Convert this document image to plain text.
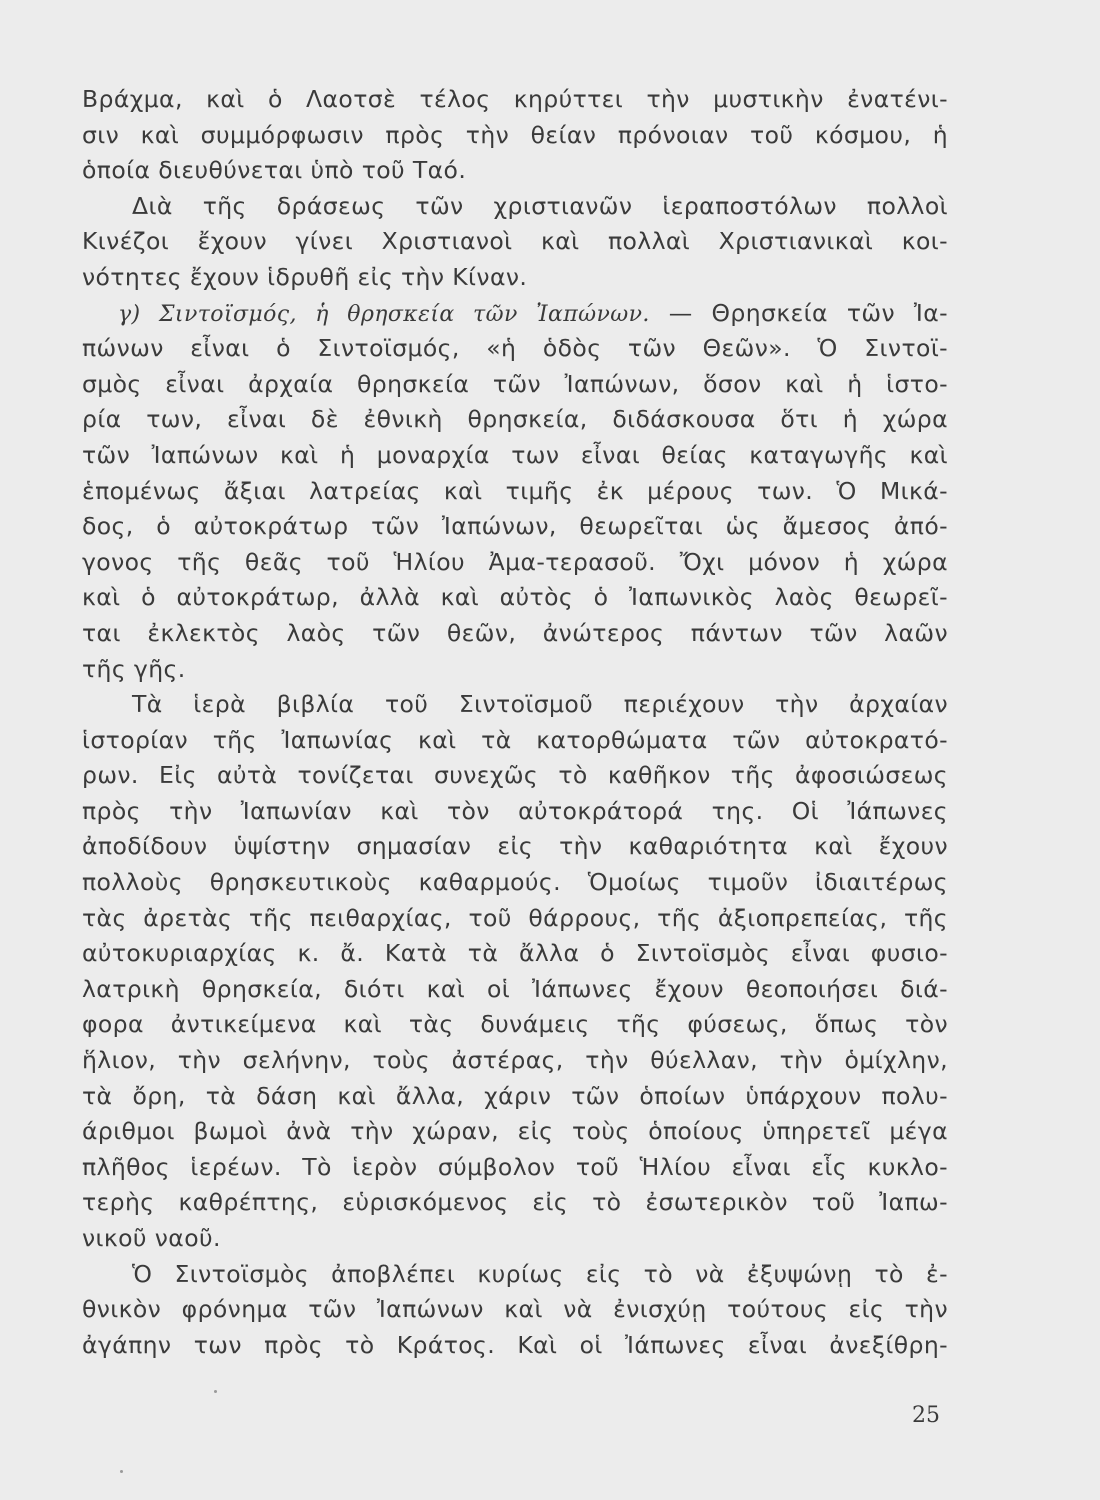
Βράχμα, καὶ ὁ Λαοτσὲ τέλος κηρύττει τὴν μυστικὴν ἐνατένι-
σιν καὶ συμμόρφωσιν πρὸς τὴν θείαν πρόνοιαν τοῦ κόσμου, ἡ
ὁποία διευθύνεται ὑπὸ τοῦ Ταό.
Διὰ τῆς δράσεως τῶν χριστιανῶν ἱεραποστόλων πολλοὶ
Κινέζοι ἔχουν γίνει Χριστιανοὶ καὶ πολλαὶ Χριστιανικαὶ κοι-
νότητες ἔχουν ἱδρυθῆ εἰς τὴν Κίναν.
γ) Σιντοϊσμός, ἡ θρησκεία τῶν Ἰαπώνων. — Θρησκεία τῶν Ἰα-
πώνων εἶναι ὁ Σιντοϊσμός, «ἡ ὁδὸς τῶν Θεῶν». Ὁ Σιντοϊ-
σμὸς εἶναι ἀρχαία θρησκεία τῶν Ἰαπώνων, ὅσον καὶ ἡ ἱστο-
ρία των, εἶναι δὲ ἐθνικὴ θρησκεία, διδάσκουσα ὅτι ἡ χώρα
τῶν Ἰαπώνων καὶ ἡ μοναρχία των εἶναι θείας καταγωγῆς καὶ
ἑπομένως ἄξιαι λατρείας καὶ τιμῆς ἐκ μέρους των. Ὁ Μικά-
δος, ὁ αὐτοκράτωρ τῶν Ἰαπώνων, θεωρεῖται ὡς ἄμεσος ἀπό-
γονος τῆς θεᾶς τοῦ Ἡλίου Ἀμα-τερασοῦ. Ὄχι μόνον ἡ χώρα
καὶ ὁ αὐτοκράτωρ, ἀλλὰ καὶ αὐτὸς ὁ Ἰαπωνικὸς λαὸς θεωρεῖ-
ται ἐκλεκτὸς λαὸς τῶν θεῶν, ἀνώτερος πάντων τῶν λαῶν
τῆς γῆς.
Τὰ ἱερὰ βιβλία τοῦ Σιντοϊσμοῦ περιέχουν τὴν ἀρχαίαν
ἱστορίαν τῆς Ἰαπωνίας καὶ τὰ κατορθώματα τῶν αὐτοκρατό-
ρων. Εἰς αὐτὰ τονίζεται συνεχῶς τὸ καθῆκον τῆς ἀφοσιώσεως
πρὸς τὴν Ἰαπωνίαν καὶ τὸν αὐτοκράτορά της. Οἱ Ἰάπωνες
ἀποδίδουν ὑψίστην σημασίαν εἰς τὴν καθαριότητα καὶ ἔχουν
πολλοὺς θρησκευτικοὺς καθαρμούς. Ὁμοίως τιμοῦν ἰδιαιτέρως
τὰς ἀρετὰς τῆς πειθαρχίας, τοῦ θάρρους, τῆς ἀξιοπρεπείας, τῆς
αὐτοκυριαρχίας κ. ἄ. Κατὰ τὰ ἄλλα ὁ Σιντοϊσμὸς εἶναι φυσιο-
λατρικὴ θρησκεία, διότι καὶ οἱ Ἰάπωνες ἔχουν θεοποιήσει διά-
φορα ἀντικείμενα καὶ τὰς δυνάμεις τῆς φύσεως, ὅπως τὸν
ἥλιον, τὴν σελήνην, τοὺς ἀστέρας, τὴν θύελλαν, τὴν ὁμίχλην,
τὰ ὄρη, τὰ δάση καὶ ἄλλα, χάριν τῶν ὁποίων ὑπάρχουν πολυ-
άριθμοι βωμοὶ ἀνὰ τὴν χώραν, εἰς τοὺς ὁποίους ὑπηρετεῖ μέγα
πλῆθος ἱερέων. Τὸ ἱερὸν σύμβολον τοῦ Ἡλίου εἶναι εἷς κυκλο-
τερὴς καθρέπτης, εὑρισκόμενος εἰς τὸ ἐσωτερικὸν τοῦ Ἰαπω-
νικοῦ ναοῦ.
Ὁ Σιντοϊσμὸς ἀποβλέπει κυρίως εἰς τὸ νὰ ἐξυψώνῃ τὸ ἐ-
θνικὸν φρόνημα τῶν Ἰαπώνων καὶ νὰ ἐνισχύῃ τούτους εἰς τὴν
ἀγάπην των πρὸς τὸ Κράτος. Καὶ οἱ Ἰάπωνες εἶναι ἀνεξίθρη-
25
